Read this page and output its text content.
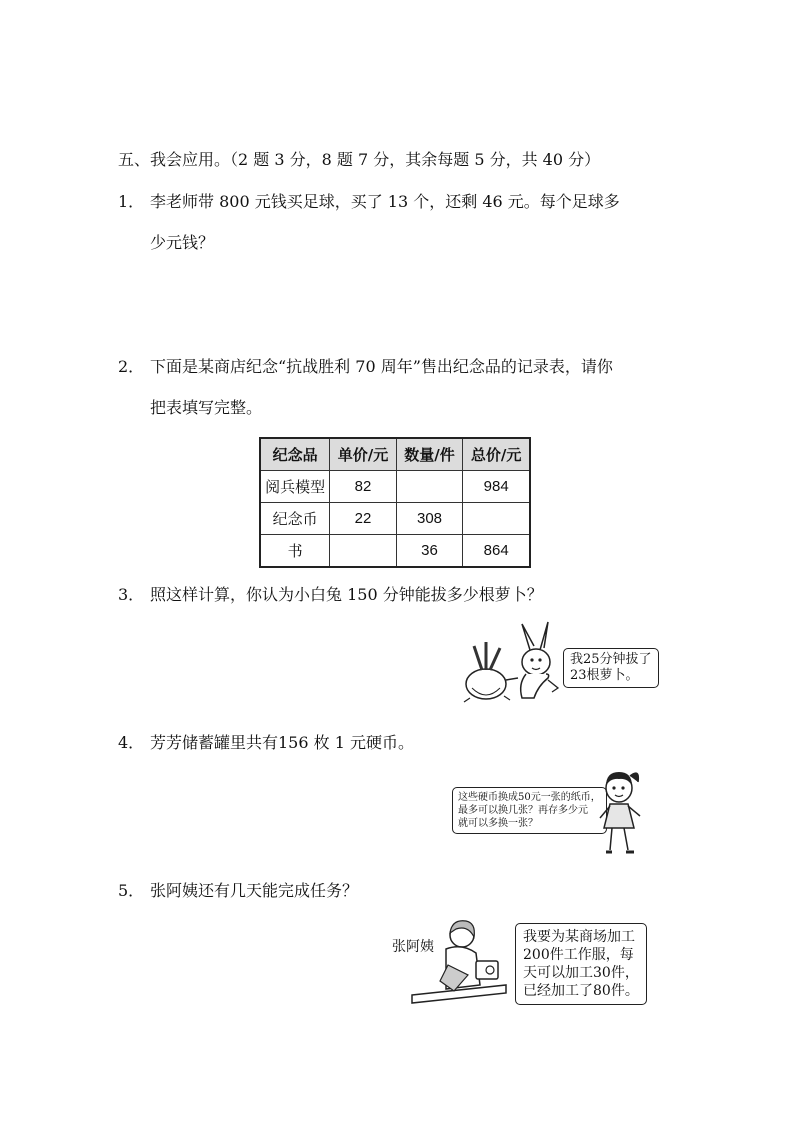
五、我会应用。（2 题 3 分，8 题 7 分，其余每题 5 分，共 40 分）
1． 李老师带 800 元钱买足球，买了 13 个，还剩 46 元。每个足球多
少元钱？
2． 下面是某商店纪念“抗战胜利 70 周年”售出纪念品的记录表，请你
把表填写完整。
纪念品	单价/元	数量/件	总价/元
阅兵模型	82		984
纪念币	22	308	
书		36	864
3． 照这样计算，你认为小白兔 150 分钟能拔多少根萝卜？
我25分钟拔了
23根萝卜。
4． 芳芳储蓄罐里共有156 枚 1 元硬币。
这些硬币换成50元一张的纸币，
最多可以换几张？再存多少元
就可以多换一张？
5． 张阿姨还有几天能完成任务？
张阿姨
我要为某商场加工
200件工作服，每
天可以加工30件，
已经加工了80件。
